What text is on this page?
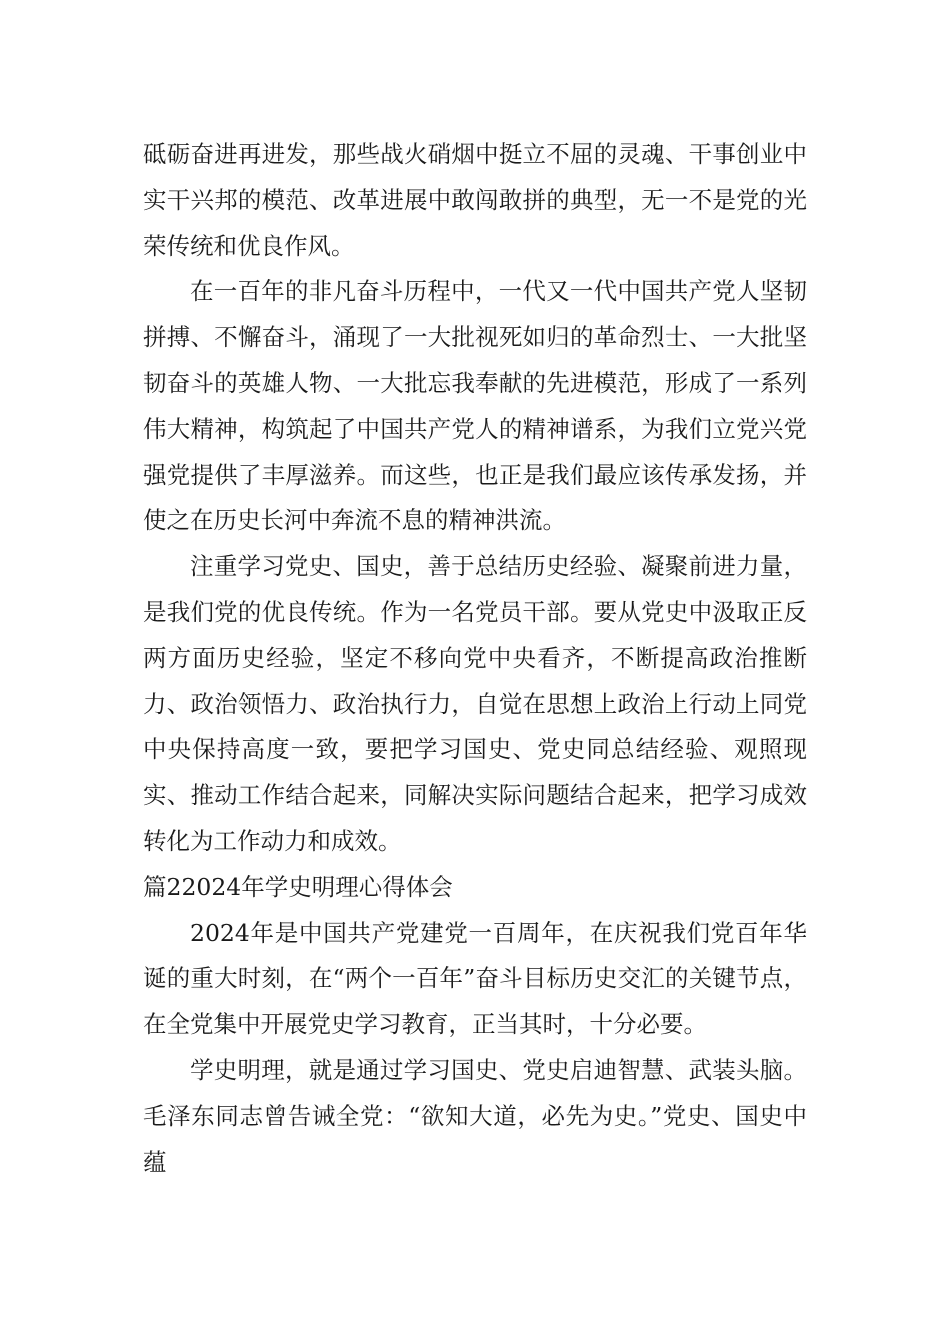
砥砺奋进再进发，那些战火硝烟中挺立不屈的灵魂、干事创业中实干兴邦的模范、改革进展中敢闯敢拼的典型，无一不是党的光荣传统和优良作风。

在一百年的非凡奋斗历程中，一代又一代中国共产党人坚韧拼搏、不懈奋斗，涌现了一大批视死如归的革命烈士、一大批坚韧奋斗的英雄人物、一大批忘我奉献的先进模范，形成了一系列伟大精神，构筑起了中国共产党人的精神谱系，为我们立党兴党强党提供了丰厚滋养。而这些，也正是我们最应该传承发扬，并使之在历史长河中奔流不息的精神洪流。

注重学习党史、国史，善于总结历史经验、凝聚前进力量，是我们党的优良传统。作为一名党员干部。要从党史中汲取正反两方面历史经验，坚定不移向党中央看齐，不断提高政治推断力、政治领悟力、政治执行力，自觉在思想上政治上行动上同党中央保持高度一致，要把学习国史、党史同总结经验、观照现实、推动工作结合起来，同解决实际问题结合起来，把学习成效转化为工作动力和成效。

篇22024年学史明理心得体会

2024年是中国共产党建党一百周年，在庆祝我们党百年华诞的重大时刻，在“两个一百年”奋斗目标历史交汇的关键节点，在全党集中开展党史学习教育，正当其时，十分必要。

学史明理，就是通过学习国史、党史启迪智慧、武装头脑。毛泽东同志曾告诫全党：“欲知大道，必先为史。”党史、国史中蕴
